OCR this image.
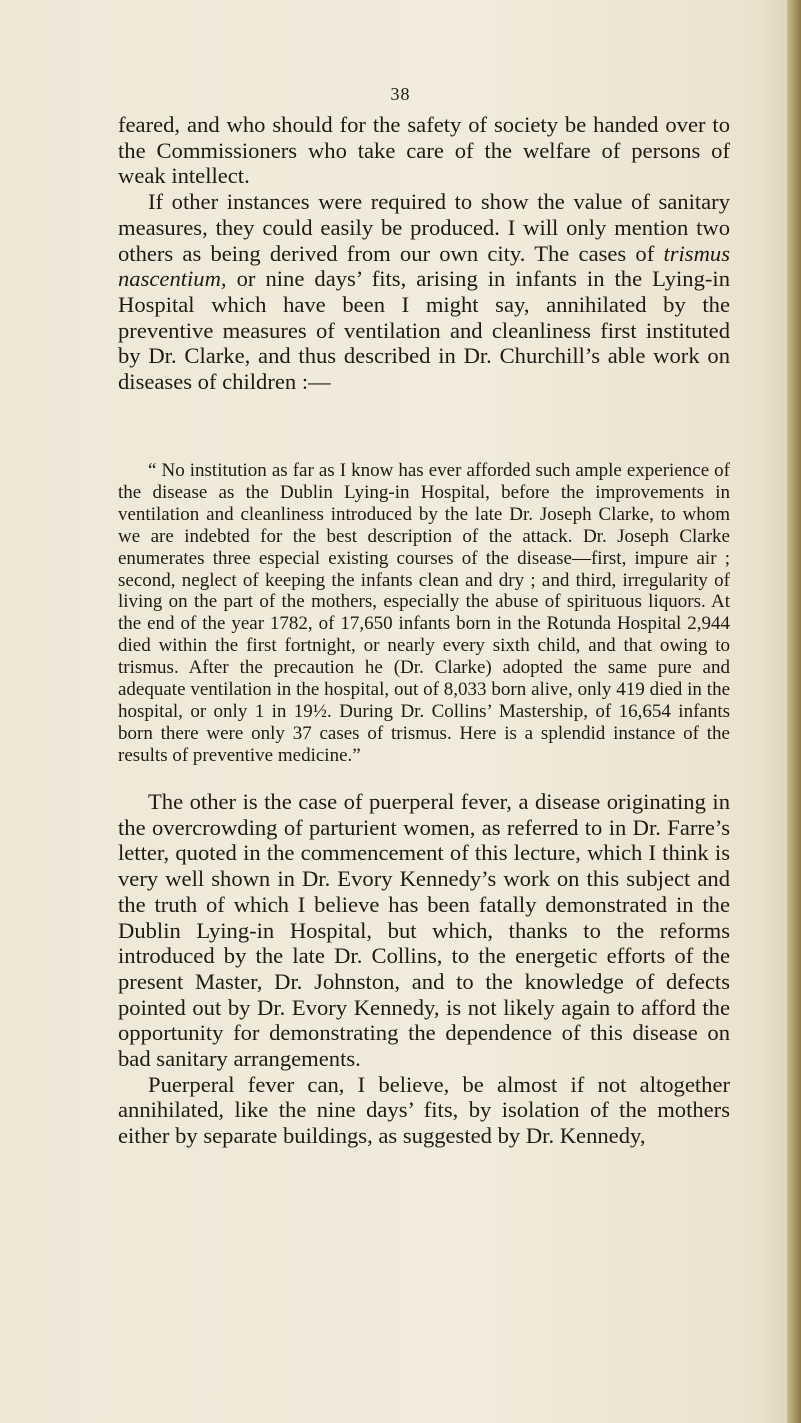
38

feared, and who should for the safety of society be handed over to the Commissioners who take care of the welfare of persons of weak intellect.

If other instances were required to show the value of sanitary measures, they could easily be produced. I will only mention two others as being derived from our own city. The cases of trismus nascentium, or nine days’ fits, arising in infants in the Lying-in Hospital which have been I might say, annihilated by the preventive measures of ventilation and cleanliness first instituted by Dr. Clarke, and thus described in Dr. Churchill’s able work on diseases of children :—

“ No institution as far as I know has ever afforded such ample experience of the disease as the Dublin Lying-in Hospital, before the improvements in ventilation and cleanliness introduced by the late Dr. Joseph Clarke, to whom we are indebted for the best description of the attack. Dr. Joseph Clarke enumerates three especial existing courses of the disease—first, impure air ; second, neglect of keeping the infants clean and dry ; and third, irregularity of living on the part of the mothers, especially the abuse of spirituous liquors. At the end of the year 1782, of 17,650 infants born in the Rotunda Hospital 2,944 died within the first fortnight, or nearly every sixth child, and that owing to trismus. After the precaution he (Dr. Clarke) adopted the same pure and adequate ventilation in the hospital, out of 8,033 born alive, only 419 died in the hospital, or only 1 in 19½. During Dr. Collins’ Mastership, of 16,654 infants born there were only 37 cases of trismus. Here is a splendid instance of the results of preventive medicine.”

The other is the case of puerperal fever, a disease originating in the overcrowding of parturient women, as referred to in Dr. Farre’s letter, quoted in the commencement of this lecture, which I think is very well shown in Dr. Evory Kennedy’s work on this subject and the truth of which I believe has been fatally demonstrated in the Dublin Lying-in Hospital, but which, thanks to the reforms introduced by the late Dr. Collins, to the energetic efforts of the present Master, Dr. Johnston, and to the knowledge of defects pointed out by Dr. Evory Kennedy, is not likely again to afford the opportunity for demonstrating the dependence of this disease on bad sanitary arrangements.

Puerperal fever can, I believe, be almost if not altogether annihilated, like the nine days’ fits, by isolation of the mothers either by separate buildings, as suggested by Dr. Kennedy,
